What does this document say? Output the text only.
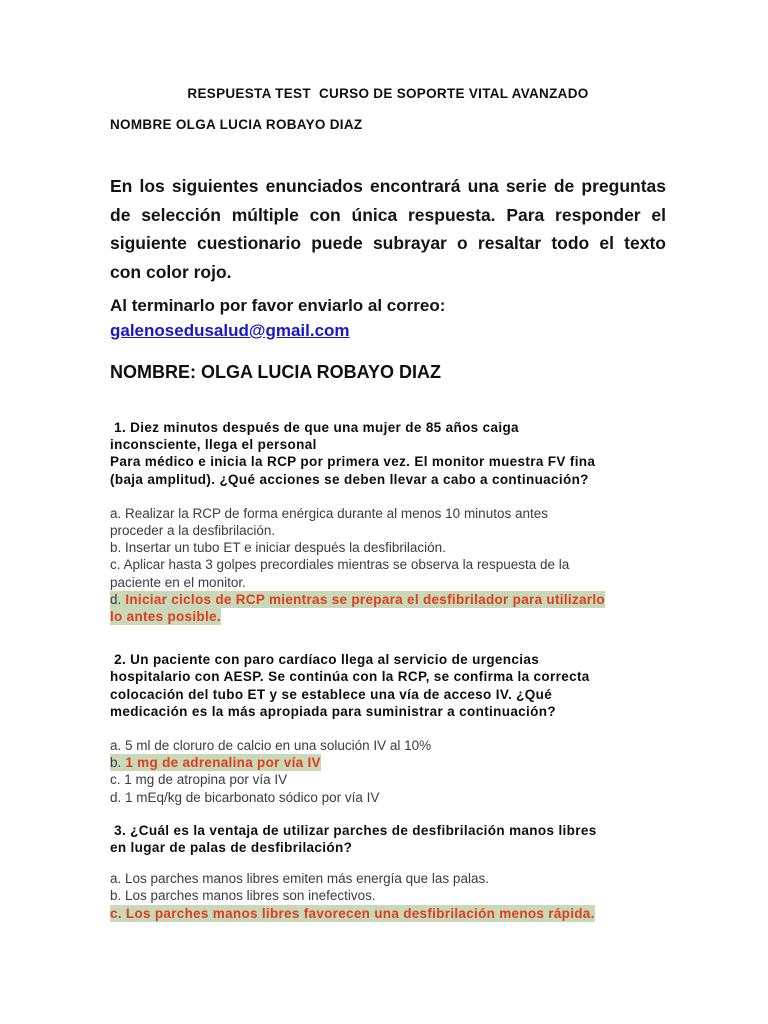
RESPUESTA TEST  CURSO DE SOPORTE VITAL AVANZADO
NOMBRE OLGA LUCIA ROBAYO DIAZ
En los siguientes enunciados encontrará una serie de preguntas
de selección múltiple con única respuesta. Para responder el
siguiente cuestionario puede subrayar o resaltar todo el texto
con color rojo.
Al terminarlo por favor enviarlo al correo:
galenosedusalud@gmail.com
NOMBRE: OLGA LUCIA ROBAYO DIAZ
1. Diez minutos después de que una mujer de 85 años caiga
inconsciente, llega el personal
Para médico e inicia la RCP por primera vez. El monitor muestra FV fina
(baja amplitud). ¿Qué acciones se deben llevar a cabo a continuación?
a. Realizar la RCP de forma enérgica durante al menos 10 minutos antes
proceder a la desfibrilación.
b. Insertar un tubo ET e iniciar después la desfibrilación.
c. Aplicar hasta 3 golpes precordiales mientras se observa la respuesta de la
paciente en el monitor.
d. Iniciar ciclos de RCP mientras se prepara el desfibrilador para utilizarlo
lo antes posible.
2. Un paciente con paro cardíaco llega al servicio de urgencias
hospitalario con AESP. Se continúa con la RCP, se confirma la correcta
colocación del tubo ET y se establece una vía de acceso IV. ¿Qué
medicación es la más apropiada para suministrar a continuación?
a. 5 ml de cloruro de calcio en una solución IV al 10%
b. 1 mg de adrenalina por vía IV
c. 1 mg de atropina por vía IV
d. 1 mEq/kg de bicarbonato sódico por vía IV
3. ¿Cuál es la ventaja de utilizar parches de desfibrilación manos libres
en lugar de palas de desfibrilación?
a. Los parches manos libres emiten más energía que las palas.
b. Los parches manos libres son inefectivos.
c. Los parches manos libres favorecen una desfibrilación menos rápida.
